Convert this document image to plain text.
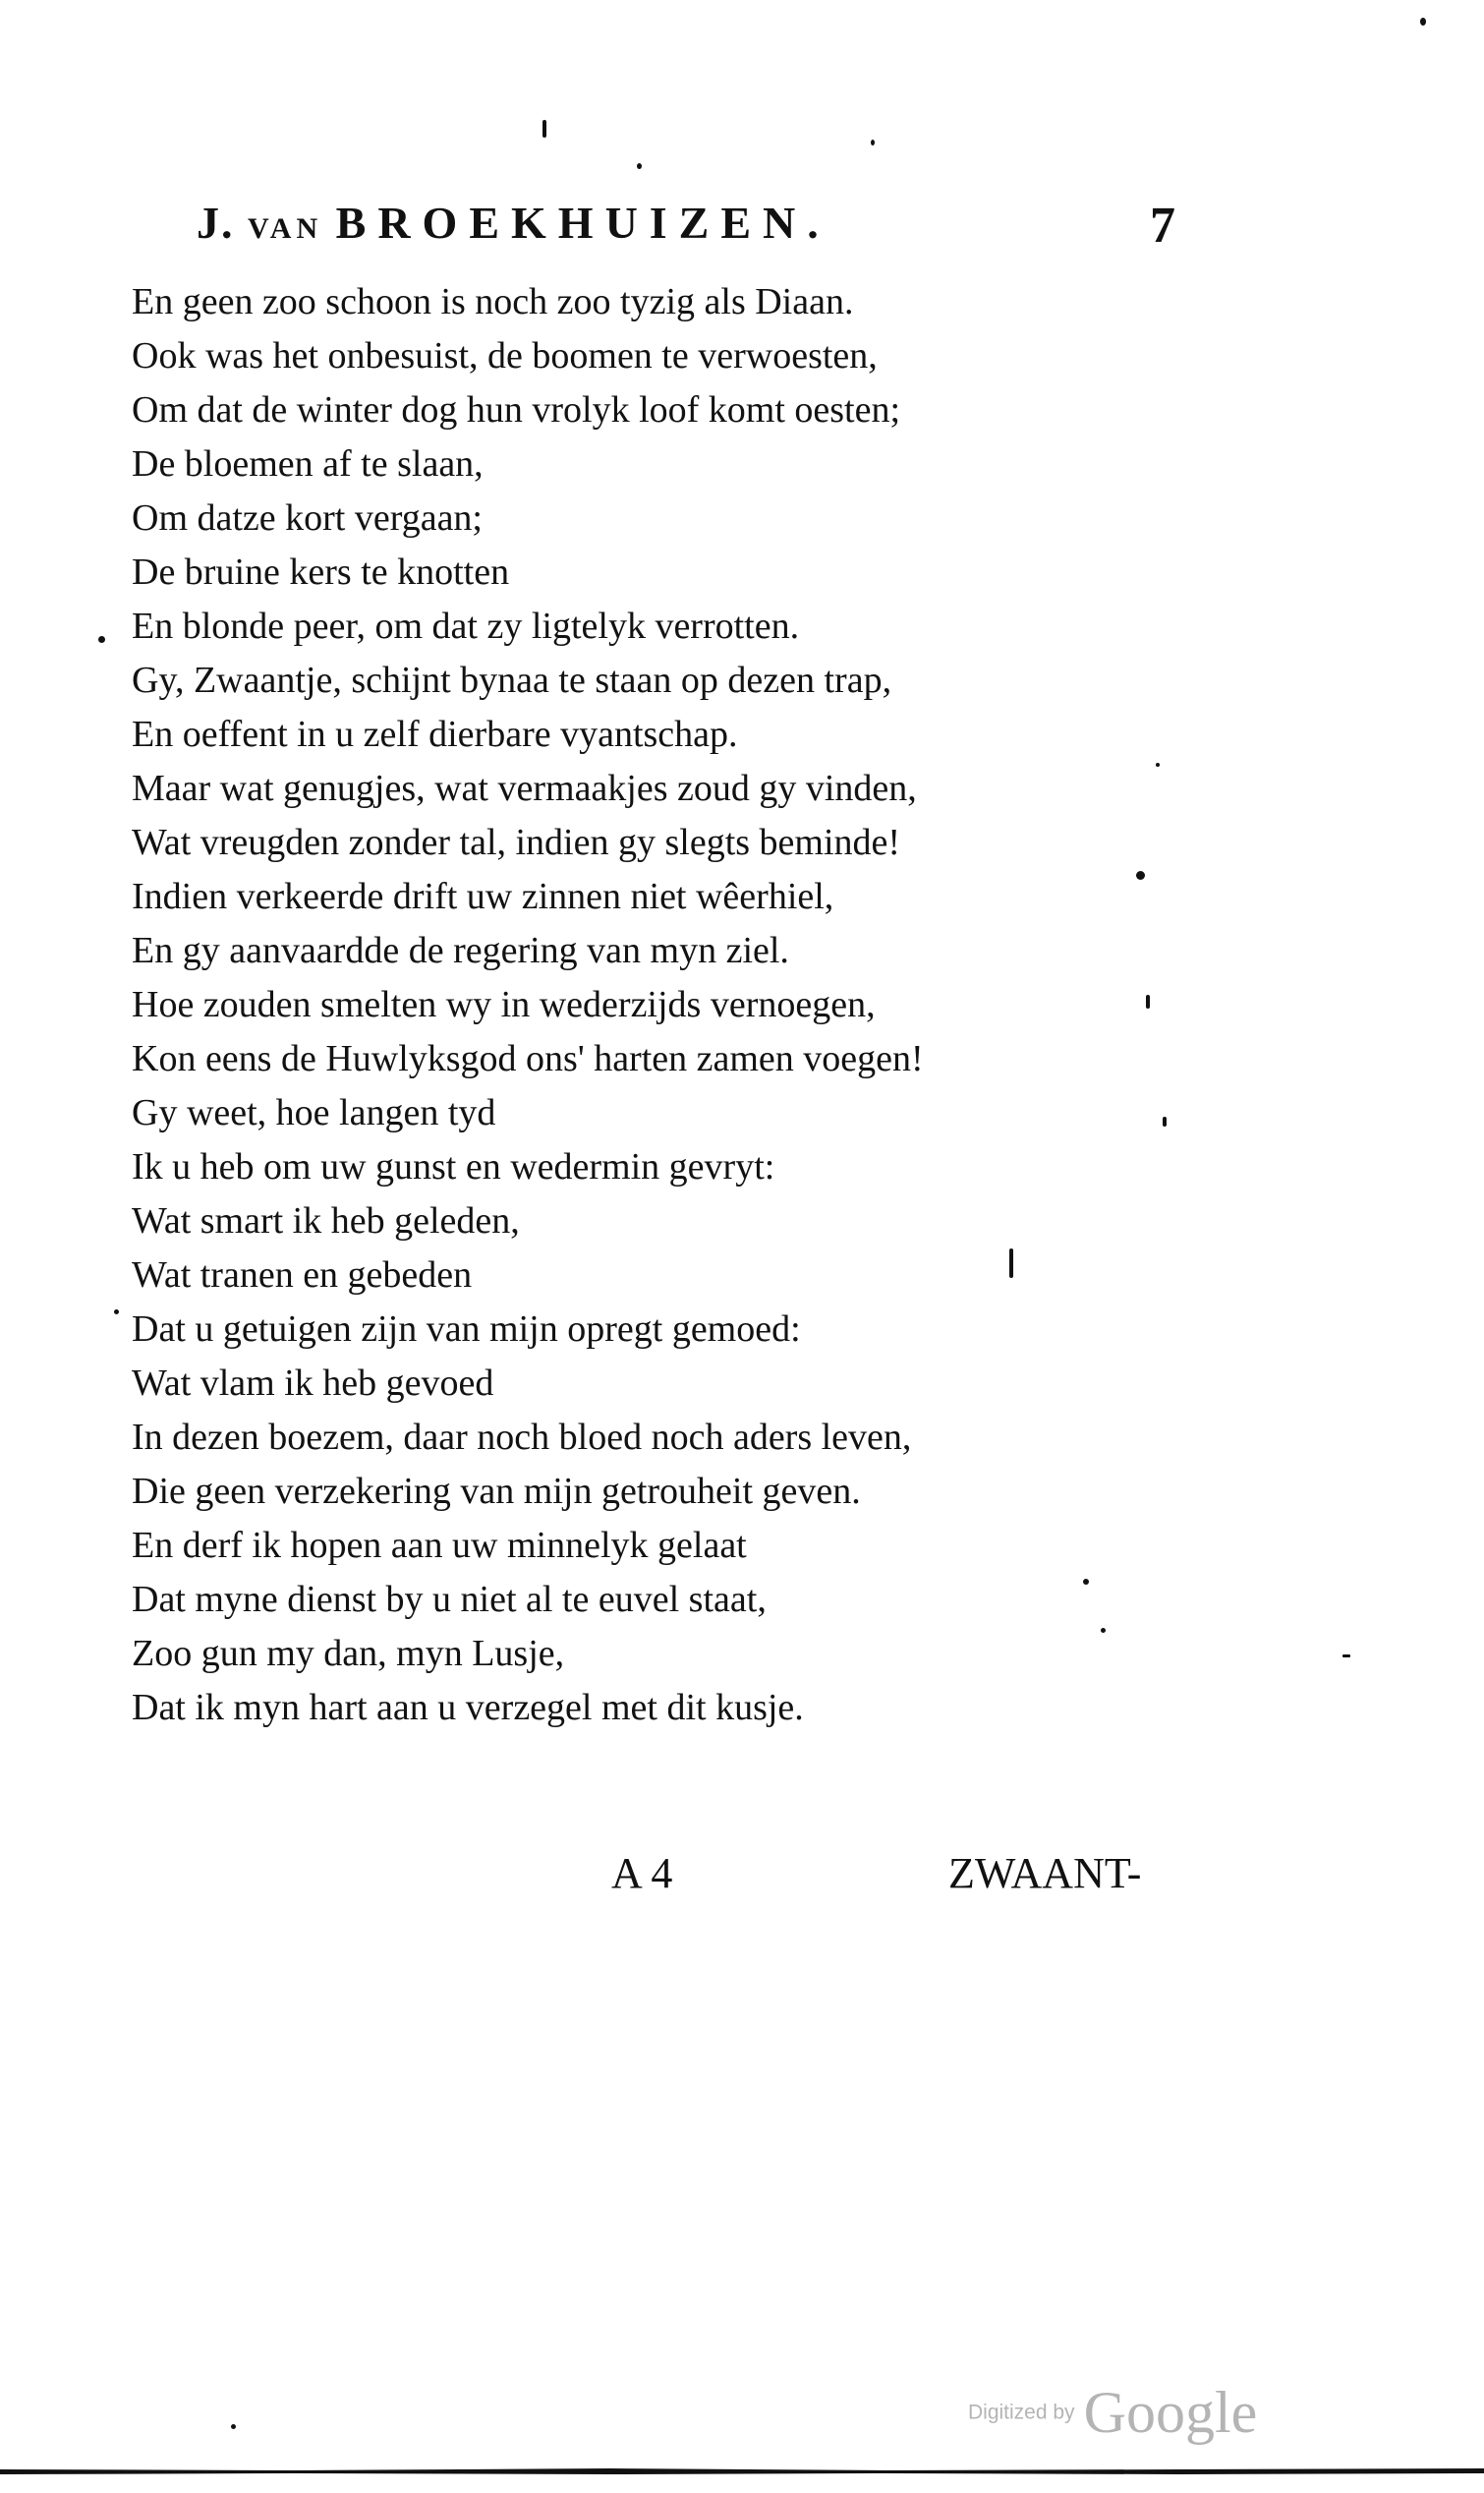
J. VAN BROEKHUIZEN.	7
En geen zoo schoon is noch zoo tyzig als Diaan.
Ook was het onbesuist, de boomen te verwoesten,
Om dat de winter dog hun vrolyk loof komt oesten;
De bloemen af te slaan,
Om datze kort vergaan;
De bruine kers te knotten
En blonde peer, om dat zy ligtelyk verrotten.
Gy, Zwaantje, schijnt bynaa te staan op dezen trap,
En oeffent in u zelf dierbare vyantschap.
Maar wat genugjes, wat vermaakjes zoud gy vinden,
Wat vreugden zonder tal, indien gy slegts beminde!
Indien verkeerde drift uw zinnen niet wêerhiel,
En gy aanvaardde de regering van myn ziel.
Hoe zouden smelten wy in wederzijds vernoegen,
Kon eens de Huwlyksgod ons' harten zamen voegen!
Gy weet, hoe langen tyd
Ik u heb om uw gunst en wedermin gevryt:
Wat smart ik heb geleden,
Wat tranen en gebeden
Dat u getuigen zijn van mijn opregt gemoed:
Wat vlam ik heb gevoed
In dezen boezem, daar noch bloed noch aders leven,
Die geen verzekering van mijn getrouheit geven.
En derf ik hopen aan uw minnelyk gelaat
Dat myne dienst by u niet al te euvel staat,
Zoo gun my dan, myn Lusje,
Dat ik myn hart aan u verzegel met dit kusje.
A 4	ZWAANT-
Digitized by Google
